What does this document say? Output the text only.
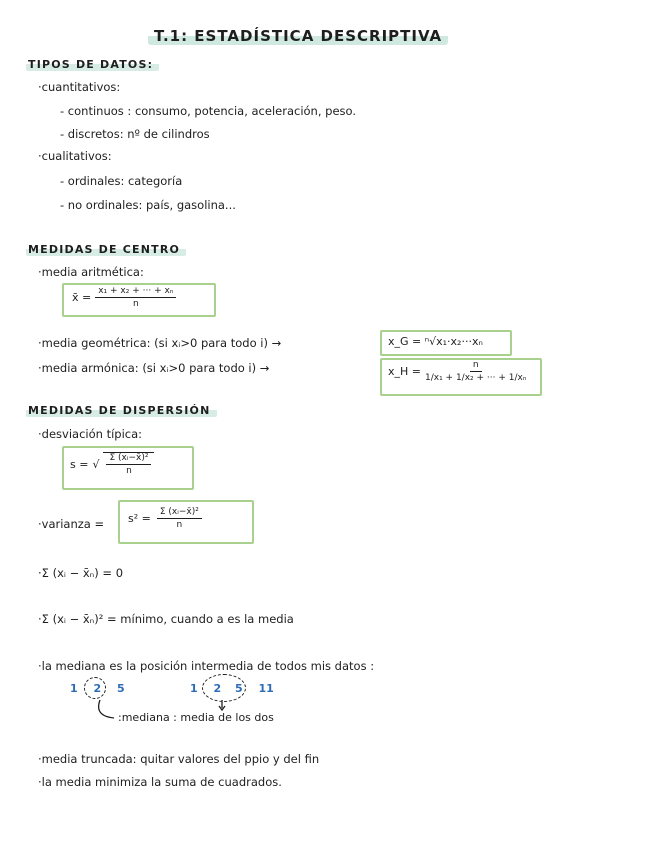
T.1: ESTADÍSTICA DESCRIPTIVA
TIPOS DE DATOS:
·cuantitativos:
- continuos : consumo, potencia, aceleración, peso.
- discretos: nº de cilindros
·cualitativos:
- ordinales: categoría
- no ordinales: país, gasolina...
MEDIDAS DE CENTRO
·media aritmética:
x̄ = $\frac{\text{x₁ + x₂ + ··· + xₙ}}{n}$
·media geométrica: (si xᵢ>0 para todo i) →	x_G = ⁿ√x₁·x₂···xₙ
·media armónica: (si xᵢ>0 para todo i) →	x_H = $\frac{n}{\text{1/x₁ + 1/x₂ + ··· + 1/xₙ}}$
MEDIDAS DE DISPERSIÓN
·desviación típica:
s = √ $\frac{\text{Σ (xᵢ−x̄)²}}{n}$
·varianza = $s^2 = \frac{\text{Σ (xᵢ−x̄)²}}{n}$
·Σ (xᵢ − x̄ₙ) = 0
·Σ (xᵢ − x̄ₙ)² = mínimo, cuando a es la media
·la mediana es la posición intermedia de todos mis datos :
1 2 5	1 2 5 11
:mediana : media de los dos
·media truncada: quitar valores del ppio y del fin
·la media minimiza la suma de cuadrados.
